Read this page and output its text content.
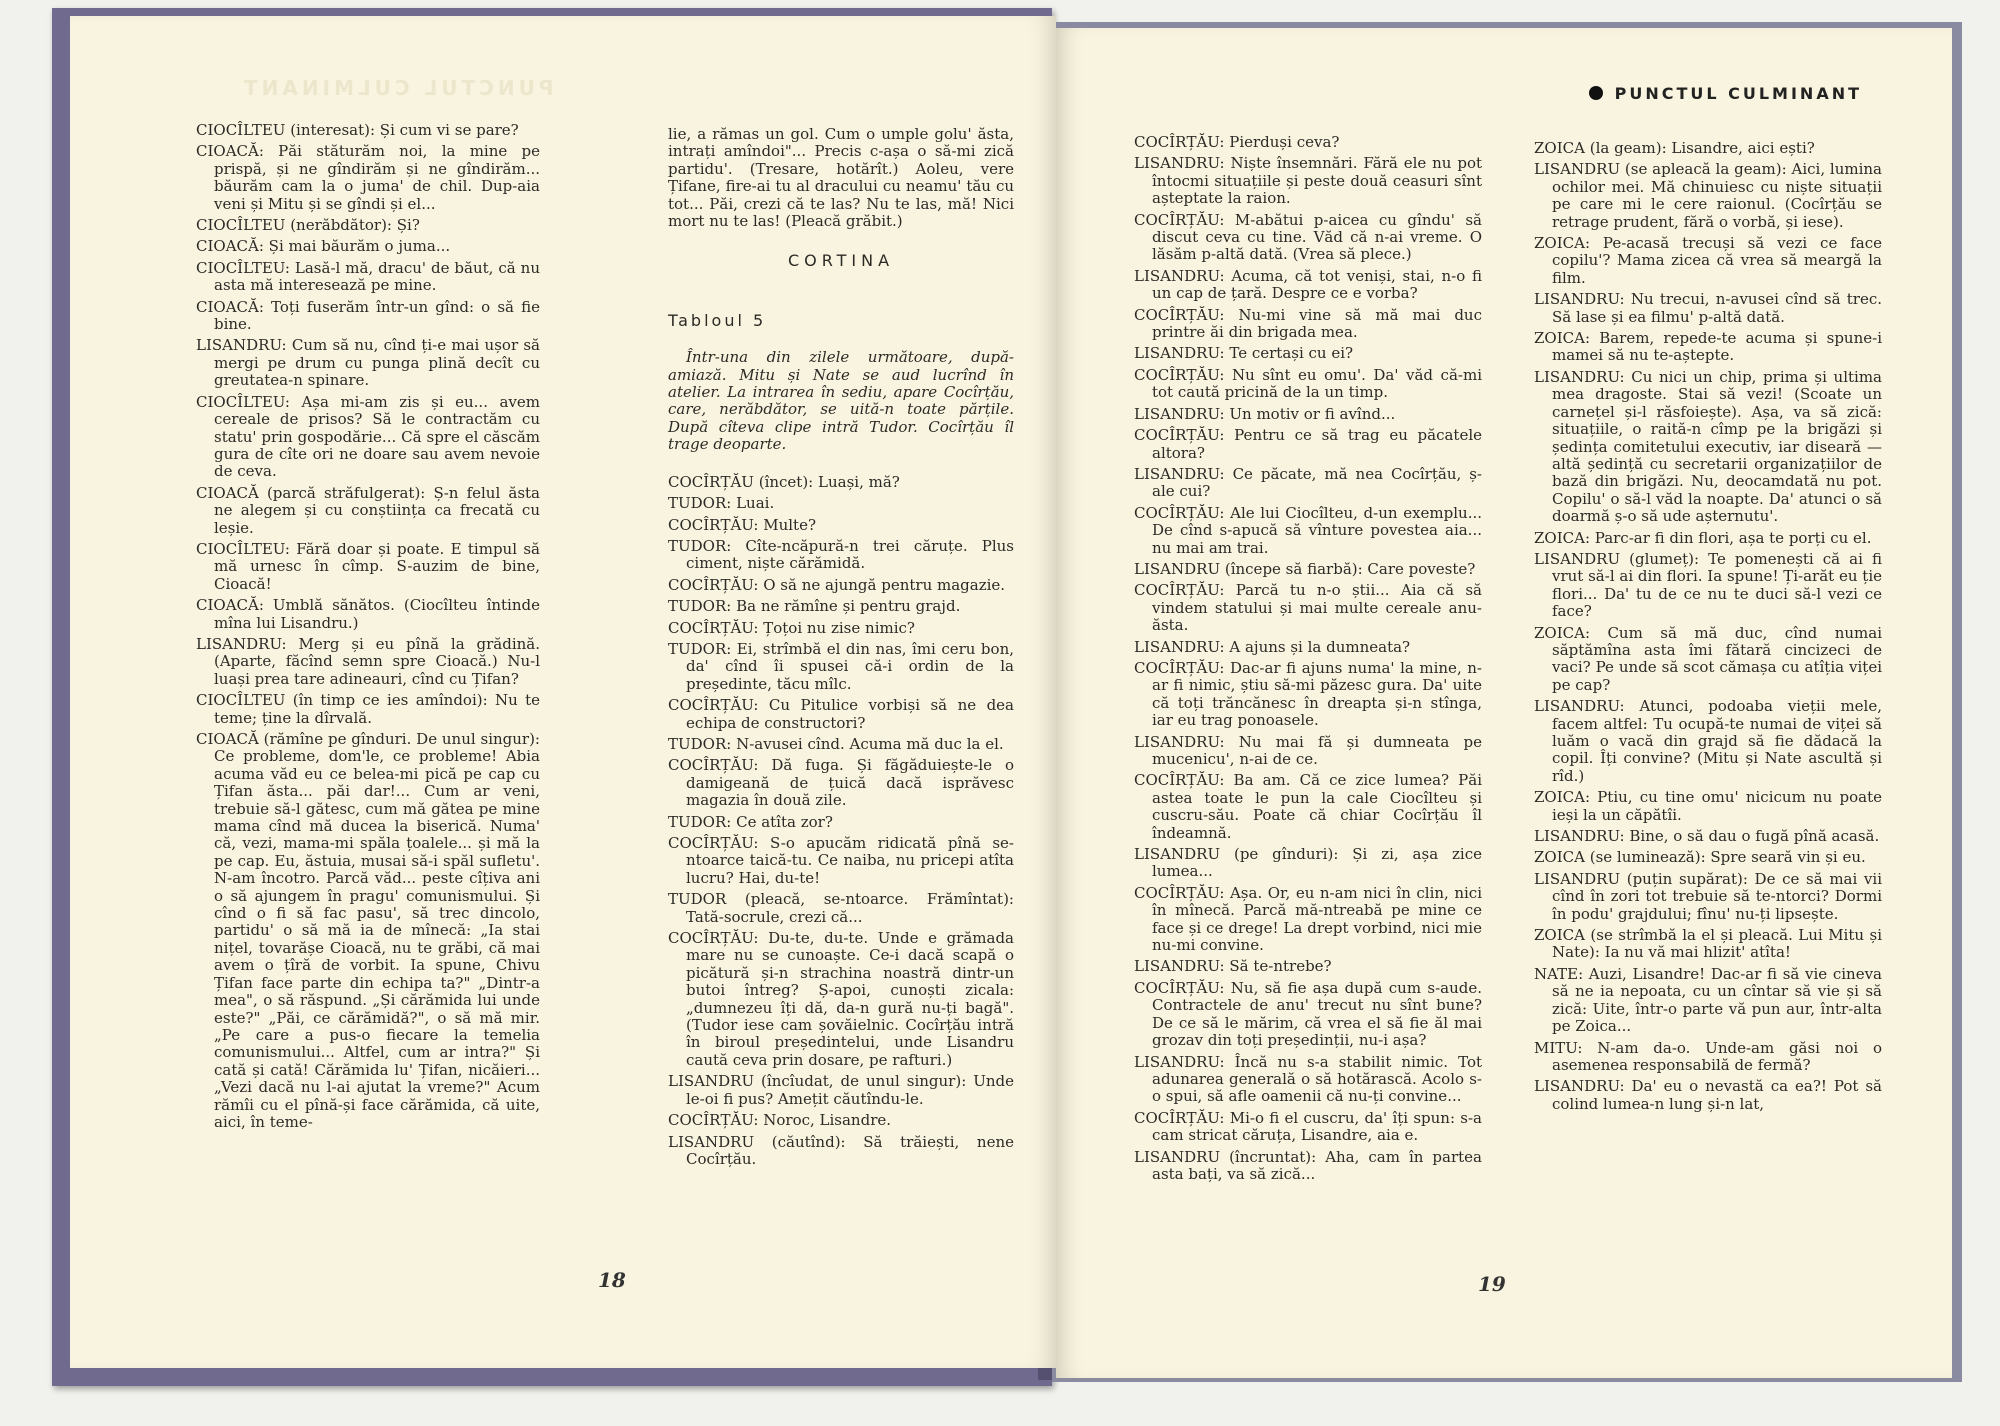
PUNCTUL CULMINANT

CIOCÎLTEU (interesat): Și cum vi se pare?

CIOACĂ: Păi stăturăm noi, la mine pe prispă, și ne gîndirăm și ne gîndirăm... băurăm cam la o juma' de chil. Dup-aia veni și Mitu și se gîndi și el...

CIOCÎLTEU (nerăbdător): Și?

CIOACĂ: Și mai băurăm o juma...

CIOCÎLTEU: Lasă-l mă, dracu' de băut, că nu asta mă interesează pe mine.

CIOACĂ: Toți fuserăm într-un gînd: o să fie bine.

LISANDRU: Cum să nu, cînd ți-e mai ușor să mergi pe drum cu punga plină decît cu greutatea-n spinare.

CIOCÎLTEU: Așa mi-am zis și eu... avem cereale de prisos? Să le contractăm cu statu' prin gospodărie... Că spre el căscăm gura de cîte ori ne doare sau avem nevoie de ceva.

CIOACĂ (parcă străfulgerat): Ș-n felul ăsta ne alegem și cu conștiința ca frecată cu leșie.

CIOCÎLTEU: Fără doar și poate. E timpul să mă urnesc în cîmp. S-auzim de bine, Cioacă!

CIOACĂ: Umblă sănătos. (Ciocîlteu întinde mîna lui Lisandru.)

LISANDRU: Merg și eu pînă la grădină. (Aparte, făcînd semn spre Cioacă.) Nu-l luași prea tare adineauri, cînd cu Țifan?

CIOCÎLTEU (în timp ce ies amîndoi): Nu te teme; ține la dîrvală.

CIOACĂ (rămîne pe gînduri. De unul singur): Ce probleme, dom'le, ce probleme! Abia acuma văd eu ce belea-mi pică pe cap cu Țifan ăsta... păi dar!... Cum ar veni, trebuie să-l gătesc, cum mă gătea pe mine mama cînd mă ducea la biserică. Numa' că, vezi, mama-mi spăla țoalele... și mă la pe cap. Eu, ăstuia, musai să-i spăl sufletu'. N-am încotro. Parcă văd... peste cîțiva ani o să ajungem în pragu' comunismului. Și cînd o fi să fac pasu', să trec dincolo, partidu' o să mă ia de mînecă: „Ia stai nițel, tovarășe Cioacă, nu te grăbi, că mai avem o țîră de vorbit. Ia spune, Chivu Țifan face parte din echipa ta?" „Dintr-a mea", o să răspund. „Și cărămida lui unde este?" „Păi, ce cărămidă?", o să mă mir. „Pe care a pus-o fiecare la temelia comunismului... Altfel, cum ar intra?" Și cată și cată! Cărămida lu' Țifan, nicăieri... „Vezi dacă nu l-ai ajutat la vreme?" Acum rămîi cu el pînă-și face cărămida, că uite, aici, în teme-

lie, a rămas un gol. Cum o umple golu' ăsta, intrați amîndoi"... Precis c-așa o să-mi zică partidu'. (Tresare, hotărît.) Aoleu, vere Țifane, fire-ai tu al dracului cu neamu' tău cu tot... Păi, crezi că te las? Nu te las, mă! Nici mort nu te las! (Pleacă grăbit.)

CORTINA

Tabloul 5

Într-una din zilele următoare, după-amiază. Mitu și Nate se aud lucrînd în atelier. La intrarea în sediu, apare Cocîrțău, care, nerăbdător, se uită-n toate părțile. După cîteva clipe intră Tudor. Cocîrțău îl trage deoparte.

COCÎRȚĂU (încet): Luași, mă?

TUDOR: Luai.

COCÎRȚĂU: Multe?

TUDOR: Cîte-ncăpură-n trei căruțe. Plus ciment, niște cărămidă.

COCÎRȚĂU: O să ne ajungă pentru magazie.

TUDOR: Ba ne rămîne și pentru grajd.

COCÎRȚĂU: Țoțoi nu zise nimic?

TUDOR: Ei, strîmbă el din nas, îmi ceru bon, da' cînd îi spusei că-i ordin de la președinte, tăcu mîlc.

COCÎRȚĂU: Cu Pitulice vorbiși să ne dea echipa de constructori?

TUDOR: N-avusei cînd. Acuma mă duc la el.

COCÎRȚĂU: Dă fuga. Și făgăduiește-le o damigeană de țuică dacă isprăvesc magazia în două zile.

TUDOR: Ce atîta zor?

COCÎRȚĂU: S-o apucăm ridicată pînă se-ntoarce taică-tu. Ce naiba, nu pricepi atîta lucru? Hai, du-te!

TUDOR (pleacă, se-ntoarce. Frămîntat): Tată-socrule, crezi că...

COCÎRȚĂU: Du-te, du-te. Unde e grămada mare nu se cunoaște. Ce-i dacă scapă o picătură și-n strachina noastră dintr-un butoi întreg? Ș-apoi, cunoști zicala: „dumnezeu îți dă, da-n gură nu-ți bagă". (Tudor iese cam șovăielnic. Cocîrțău intră în biroul președintelui, unde Lisandru caută ceva prin dosare, pe rafturi.)

LISANDRU (încîudat, de unul singur): Unde le-oi fi pus? Amețit căutîndu-le.

COCÎRȚĂU: Noroc, Lisandre.

LISANDRU (căutînd): Să trăiești, nene Cocîrțău.

18
PUNCTUL CULMINANT

COCÎRȚĂU: Pierduși ceva?

LISANDRU: Niște însemnări. Fără ele nu pot întocmi situațiile și peste două ceasuri sînt așteptate la raion.

COCÎRȚĂU: M-abătui p-aicea cu gîndu' să discut ceva cu tine. Văd că n-ai vreme. O lăsăm p-altă dată. (Vrea să plece.)

LISANDRU: Acuma, că tot veniși, stai, n-o fi un cap de țară. Despre ce e vorba?

COCÎRȚĂU: Nu-mi vine să mă mai duc printre ăi din brigada mea.

LISANDRU: Te certași cu ei?

COCÎRȚĂU: Nu sînt eu omu'. Da' văd că-mi tot caută pricină de la un timp.

LISANDRU: Un motiv or fi avînd...

COCÎRȚĂU: Pentru ce să trag eu păcatele altora?

LISANDRU: Ce păcate, mă nea Cocîrțău, ș-ale cui?

COCÎRȚĂU: Ale lui Ciocîlteu, d-un exemplu... De cînd s-apucă să vînture povestea aia... nu mai am trai.

LISANDRU (începe să fiarbă): Care poveste?

COCÎRȚĂU: Parcă tu n-o știi... Aia că să vindem statului și mai multe cereale anu-ăsta.

LISANDRU: A ajuns și la dumneata?

COCÎRȚĂU: Dac-ar fi ajuns numa' la mine, n-ar fi nimic, știu să-mi păzesc gura. Da' uite că toți trăncănesc în dreapta și-n stînga, iar eu trag ponoasele.

LISANDRU: Nu mai fă și dumneata pe mucenicu', n-ai de ce.

COCÎRȚĂU: Ba am. Că ce zice lumea? Păi astea toate le pun la cale Ciocîlteu și cuscru-său. Poate că chiar Cocîrțău îl îndeamnă.

LISANDRU (pe gînduri): Și zi, așa zice lumea...

COCÎRȚĂU: Așa. Or, eu n-am nici în clin, nici în mînecă. Parcă mă-ntreabă pe mine ce face și ce drege! La drept vorbind, nici mie nu-mi convine.

LISANDRU: Să te-ntrebe?

COCÎRȚĂU: Nu, să fie așa după cum s-aude. Contractele de anu' trecut nu sînt bune? De ce să le mărim, că vrea el să fie ăl mai grozav din toți președinții, nu-i așa?

LISANDRU: Încă nu s-a stabilit nimic. Tot adunarea generală o să hotărască. Acolo s-o spui, să afle oamenii că nu-ți convine...

COCÎRȚĂU: Mi-o fi el cuscru, da' îți spun: s-a cam stricat căruța, Lisandre, aia e.

LISANDRU (încruntat): Aha, cam în partea asta bați, va să zică...

ZOICA (la geam): Lisandre, aici ești?

LISANDRU (se apleacă la geam): Aici, lumina ochilor mei. Mă chinuiesc cu niște situații pe care mi le cere raionul. (Cocîrțău se retrage prudent, fără o vorbă, și iese).

ZOICA: Pe-acasă trecuși să vezi ce face copilu'? Mama zicea că vrea să meargă la film.

LISANDRU: Nu trecui, n-avusei cînd să trec. Să lase și ea filmu' p-altă dată.

ZOICA: Barem, repede-te acuma și spune-i mamei să nu te-aștepte.

LISANDRU: Cu nici un chip, prima și ultima mea dragoste. Stai să vezi! (Scoate un carnețel și-l răsfoiește). Așa, va să zică: situațiile, o raită-n cîmp pe la brigăzi și ședința comitetului executiv, iar diseară — altă ședință cu secretarii organizațiilor de bază din brigăzi. Nu, deocamdată nu pot. Copilu' o să-l văd la noapte. Da' atunci o să doarmă ș-o să ude așternutu'.

ZOICA: Parc-ar fi din flori, așa te porți cu el.

LISANDRU (glumeț): Te pomenești că ai fi vrut să-l ai din flori. Ia spune! Ți-arăt eu ție flori... Da' tu de ce nu te duci să-l vezi ce face?

ZOICA: Cum să mă duc, cînd numai săptămîna asta îmi fătară cincizeci de vaci? Pe unde să scot cămașa cu atîția viței pe cap?

LISANDRU: Atunci, podoaba vieții mele, facem altfel: Tu ocupă-te numai de viței să luăm o vacă din grajd să fie dădacă la copil. Îți convine? (Mitu și Nate ascultă și rîd.)

ZOICA: Ptiu, cu tine omu' nicicum nu poate ieși la un căpătîi.

LISANDRU: Bine, o să dau o fugă pînă acasă.

ZOICA (se luminează): Spre seară vin și eu.

LISANDRU (puțin supărat): De ce să mai vii cînd în zori tot trebuie să te-ntorci? Dormi în podu' grajdului; fînu' nu-ți lipsește.

ZOICA (se strîmbă la el și pleacă. Lui Mitu și Nate): Ia nu vă mai hlizit' atîta!

NATE: Auzi, Lisandre! Dac-ar fi să vie cineva să ne ia nepoata, cu un cîntar să vie și să zică: Uite, într-o parte vă pun aur, într-alta pe Zoica...

MITU: N-am da-o. Unde-am găsi noi o asemenea responsabilă de fermă?

LISANDRU: Da' eu o nevastă ca ea?! Pot să colind lumea-n lung și-n lat,

19
